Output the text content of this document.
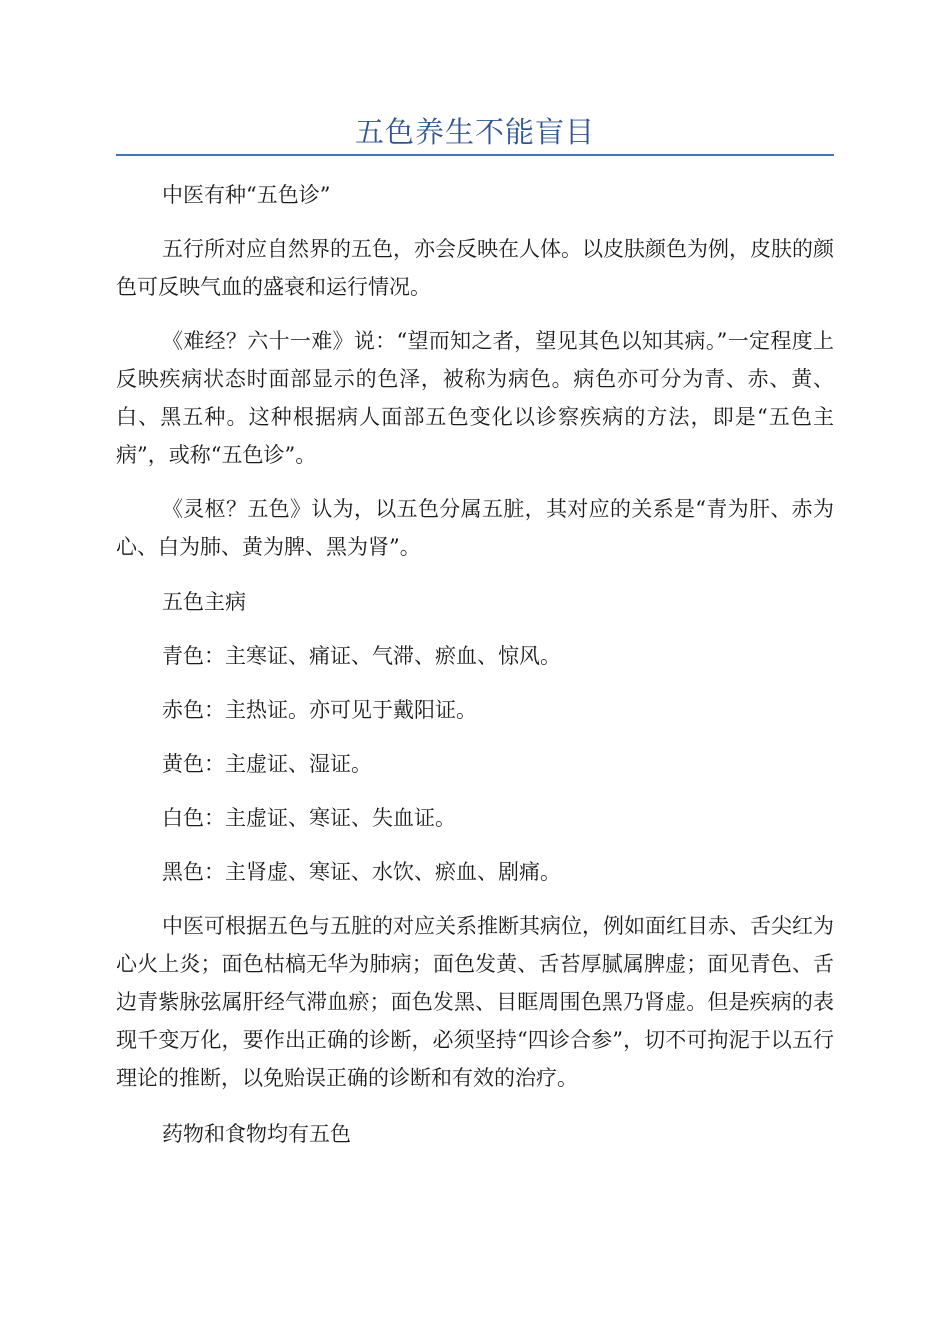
五色养生不能盲目

中医有种“五色诊”

五行所对应自然界的五色，亦会反映在人体。以皮肤颜色为例，皮肤的颜色可反映气血的盛衰和运行情况。

《难经？六十一难》说：“望而知之者，望见其色以知其病。”一定程度上反映疾病状态时面部显示的色泽，被称为病色。病色亦可分为青、赤、黄、白、黑五种。这种根据病人面部五色变化以诊察疾病的方法，即是“五色主病”，或称“五色诊”。

《灵枢？五色》认为，以五色分属五脏，其对应的关系是“青为肝、赤为心、白为肺、黄为脾、黑为肾”。

五色主病

青色：主寒证、痛证、气滞、瘀血、惊风。

赤色：主热证。亦可见于戴阳证。

黄色：主虚证、湿证。

白色：主虚证、寒证、失血证。

黑色：主肾虚、寒证、水饮、瘀血、剧痛。

中医可根据五色与五脏的对应关系推断其病位，例如面红目赤、舌尖红为心火上炎；面色枯槁无华为肺病；面色发黄、舌苔厚腻属脾虚；面见青色、舌边青紫脉弦属肝经气滞血瘀；面色发黑、目眶周围色黑乃肾虚。但是疾病的表现千变万化，要作出正确的诊断，必须坚持“四诊合参”，切不可拘泥于以五行理论的推断，以免贻误正确的诊断和有效的治疗。

药物和食物均有五色
